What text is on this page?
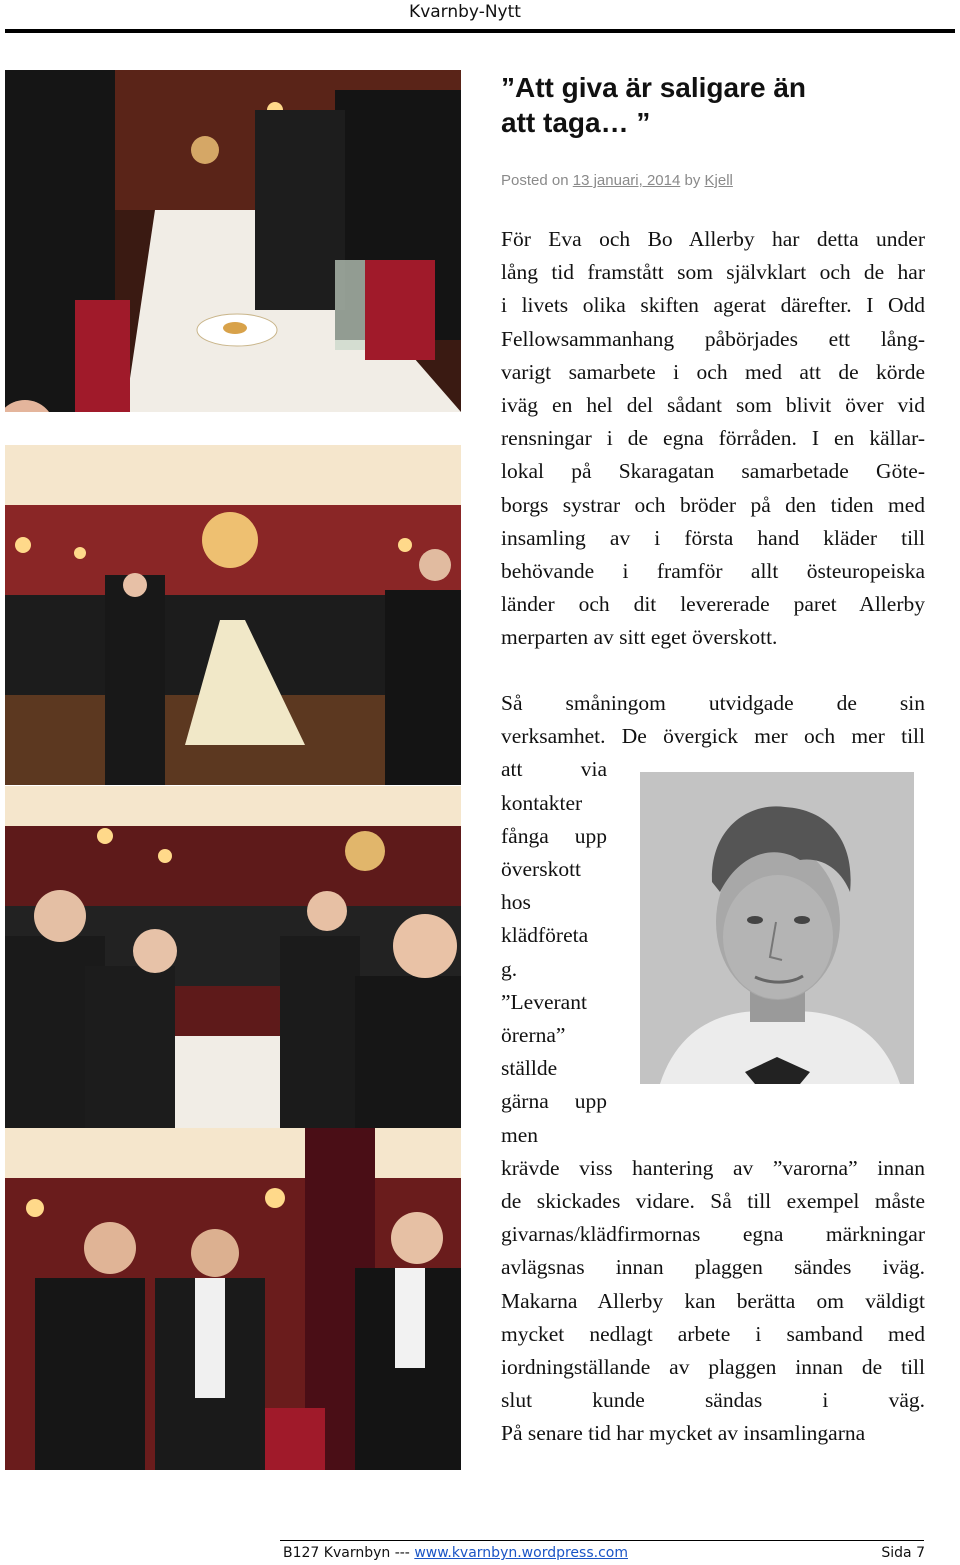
Kvarnby-Nytt
”Att giva är saligare än
att taga… ”
Posted on 13 januari, 2014 by Kjell
För Eva och Bo Allerby har detta under
lång tid framstått som självklart och de har
i livets olika skiften agerat därefter. I Odd
Fellowsammanhang påbörjades ett lång-
varigt samarbete i och med att de körde
iväg en hel del sådant som blivit över vid
rensningar i de egna förråden. I en källar-
lokal på Skaragatan samarbetade Göte-
borgs systrar och bröder på den tiden med
insamling av i första hand kläder till
behövande i framför allt östeuropeiska
länder och dit levererade paret Allerby
merparten av sitt eget överskott.
Så småningom utvidgade de sin
verksamhet. De övergick mer och mer till
att via
kontakter
fånga upp
överskott
hos
klädföreta
g.
”Leverant
örerna”
ställde
gärna upp
men
krävde viss hantering av ”varorna” innan
de skickades vidare. Så till exempel måste
givarnas/klädfirmornas egna märkningar
avlägsnas innan plaggen sändes iväg.
Makarna Allerby kan berätta om väldigt
mycket nedlagt arbete i samband med
iordningställande av plaggen innan de till
slut kunde sändas i väg.
På senare tid har mycket av insamlingarna
B127 Kvarnbyn --- www.kvarnbyn.wordpress.com	Sida 7
